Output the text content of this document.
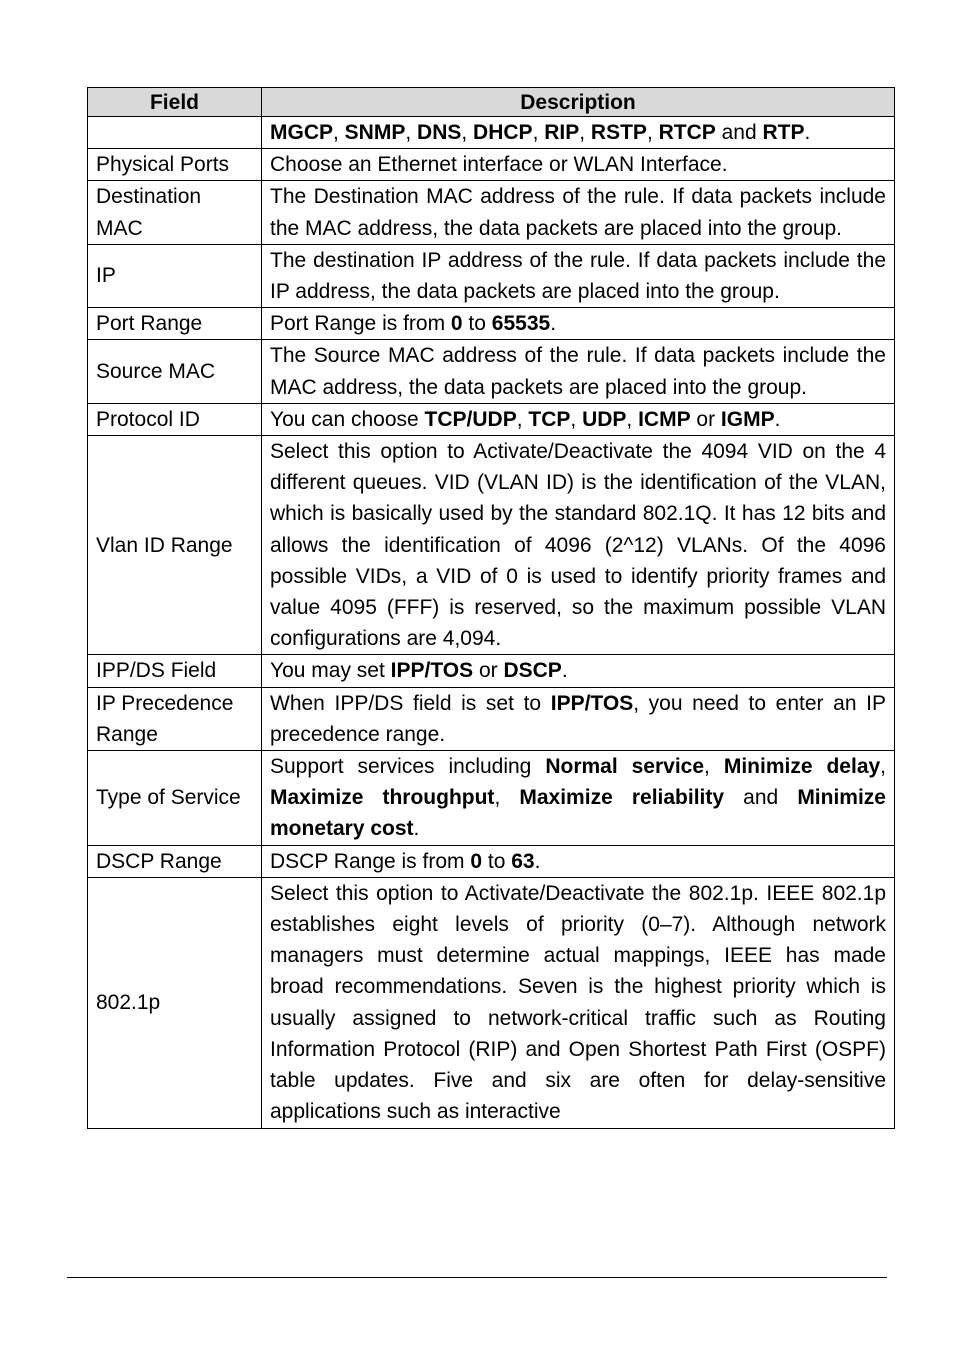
Field	Description
	MGCP, SNMP, DNS, DHCP, RIP, RSTP, RTCP and RTP.
Physical Ports	Choose an Ethernet interface or WLAN Interface.
Destination MAC	The Destination MAC address of the rule. If data packets include the MAC address, the data packets are placed into the group.
IP	The destination IP address of the rule. If data packets include the IP address, the data packets are placed into the group.
Port Range	Port Range is from 0 to 65535.
Source MAC	The Source MAC address of the rule. If data packets include the MAC address, the data packets are placed into the group.
Protocol ID	You can choose TCP/UDP, TCP, UDP, ICMP or IGMP.
Vlan ID Range	Select this option to Activate/Deactivate the 4094 VID on the 4 different queues. VID (VLAN ID) is the identification of the VLAN, which is basically used by the standard 802.1Q. It has 12 bits and allows the identification of 4096 (2^12) VLANs. Of the 4096 possible VIDs, a VID of 0 is used to identify priority frames and value 4095 (FFF) is reserved, so the maximum possible VLAN configurations are 4,094.
IPP/DS Field	You may set IPP/TOS or DSCP.
IP Precedence Range	When IPP/DS field is set to IPP/TOS, you need to enter an IP precedence range.
Type of Service	Support services including Normal service, Minimize delay, Maximize throughput, Maximize reliability and Minimize monetary cost.
DSCP Range	DSCP Range is from 0 to 63.
802.1p	Select this option to Activate/Deactivate the 802.1p. IEEE 802.1p establishes eight levels of priority (0–7). Although network managers must determine actual mappings, IEEE has made broad recommendations. Seven is the highest priority which is usually assigned to network-critical traffic such as Routing Information Protocol (RIP) and Open Shortest Path First (OSPF) table updates. Five and six are often for delay-sensitive applications such as interactive
